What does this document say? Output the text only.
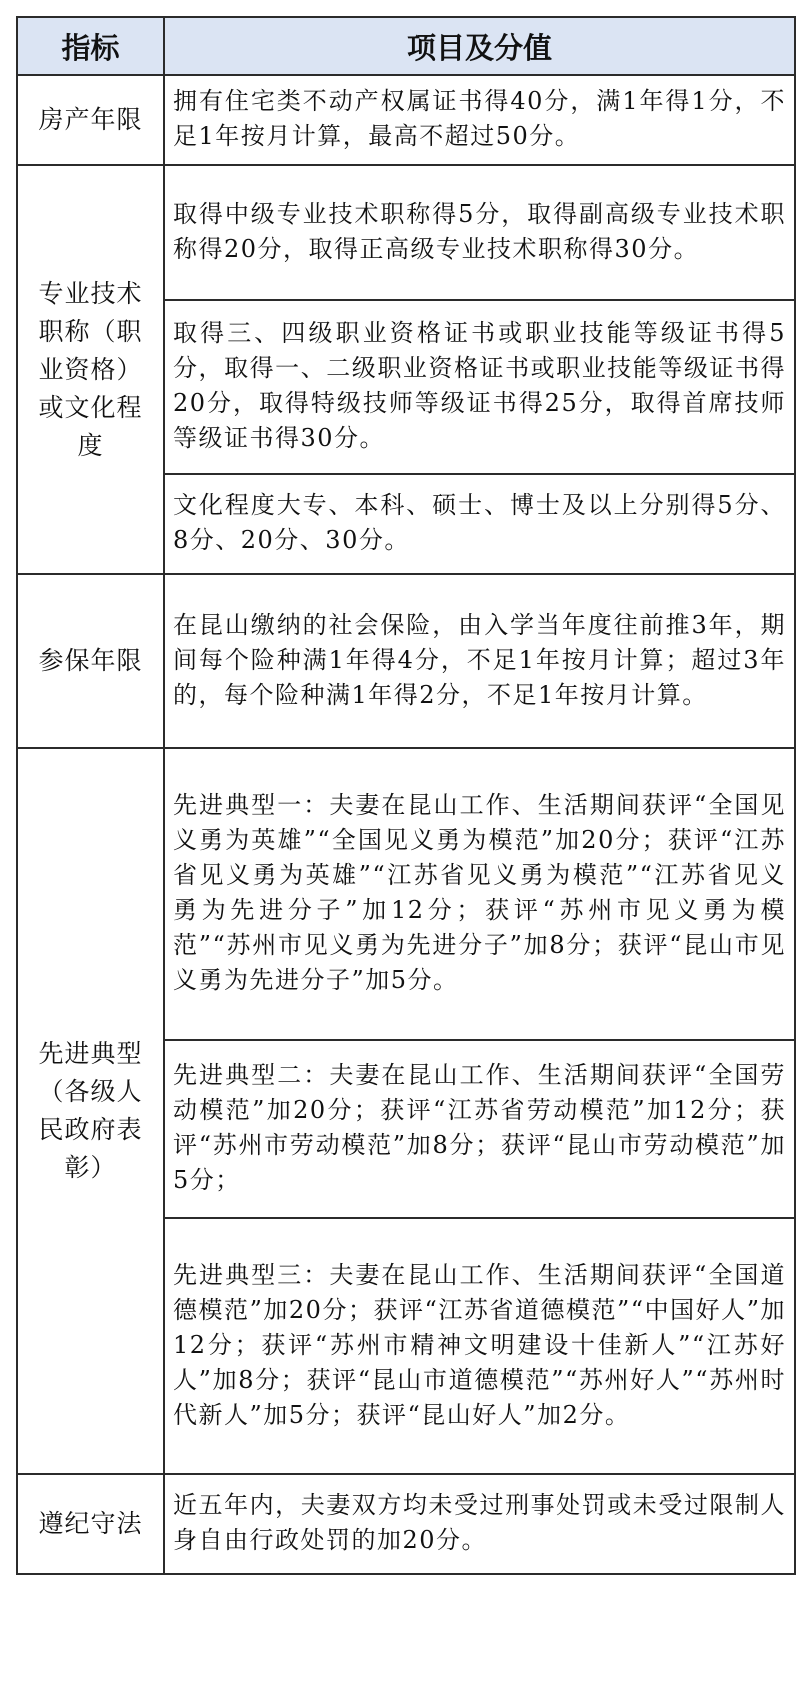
指标	项目及分值
房产年限	拥有住宅类不动产权属证书得40分，满1年得1分，不足1年按月计算，最高不超过50分。
专业技术职称（职业资格）或文化程度	取得中级专业技术职称得5分，取得副高级专业技术职称得20分，取得正高级专业技术职称得30分。
	取得三、四级职业资格证书或职业技能等级证书得5分，取得一、二级职业资格证书或职业技能等级证书得20分，取得特级技师等级证书得25分，取得首席技师等级证书得30分。
	文化程度大专、本科、硕士、博士及以上分别得5分、8分、20分、30分。
参保年限	在昆山缴纳的社会保险，由入学当年度往前推3年，期间每个险种满1年得4分，不足1年按月计算；超过3年的，每个险种满1年得2分，不足1年按月计算。
先进典型（各级人民政府表彰）	先进典型一：夫妻在昆山工作、生活期间获评“全国见义勇为英雄”“全国见义勇为模范”加20分；获评“江苏省见义勇为英雄”“江苏省见义勇为模范”“江苏省见义勇为先进分子”加12分；获评“苏州市见义勇为模范”“苏州市见义勇为先进分子”加8分；获评“昆山市见义勇为先进分子”加5分。
	先进典型二：夫妻在昆山工作、生活期间获评“全国劳动模范”加20分；获评“江苏省劳动模范”加12分；获评“苏州市劳动模范”加8分；获评“昆山市劳动模范”加5分；
	先进典型三：夫妻在昆山工作、生活期间获评“全国道德模范”加20分；获评“江苏省道德模范”“中国好人”加12分；获评“苏州市精神文明建设十佳新人”“江苏好人”加8分；获评“昆山市道德模范”“苏州好人”“苏州时代新人”加5分；获评“昆山好人”加2分。
遵纪守法	近五年内，夫妻双方均未受过刑事处罚或未受过限制人身自由行政处罚的加20分。
